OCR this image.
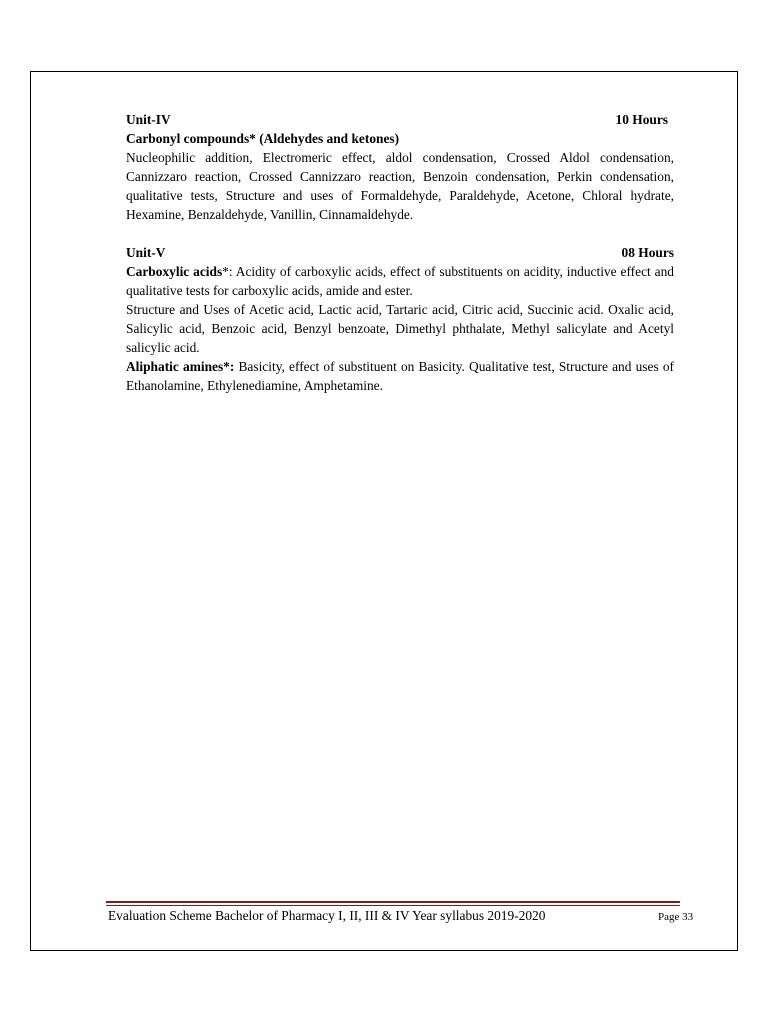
Unit-IV	10 Hours
Carbonyl compounds* (Aldehydes and ketones)

Nucleophilic addition, Electromeric effect, aldol condensation, Crossed Aldol condensation, Cannizzaro reaction, Crossed Cannizzaro reaction, Benzoin condensation, Perkin condensation, qualitative tests, Structure and uses of Formaldehyde, Paraldehyde, Acetone, Chloral hydrate, Hexamine, Benzaldehyde, Vanillin, Cinnamaldehyde.

Unit-V	08 Hours

Carboxylic acids*: Acidity of carboxylic acids, effect of substituents on acidity, inductive effect and qualitative tests for carboxylic acids, amide and ester.

Structure and Uses of Acetic acid, Lactic acid, Tartaric acid, Citric acid, Succinic acid. Oxalic acid, Salicylic acid, Benzoic acid, Benzyl benzoate, Dimethyl phthalate, Methyl salicylate and Acetyl salicylic acid.

Aliphatic amines*: Basicity, effect of substituent on Basicity. Qualitative test, Structure and uses of Ethanolamine, Ethylenediamine, Amphetamine.

Evaluation Scheme Bachelor of Pharmacy I, II, III & IV Year syllabus 2019-2020	Page 33
